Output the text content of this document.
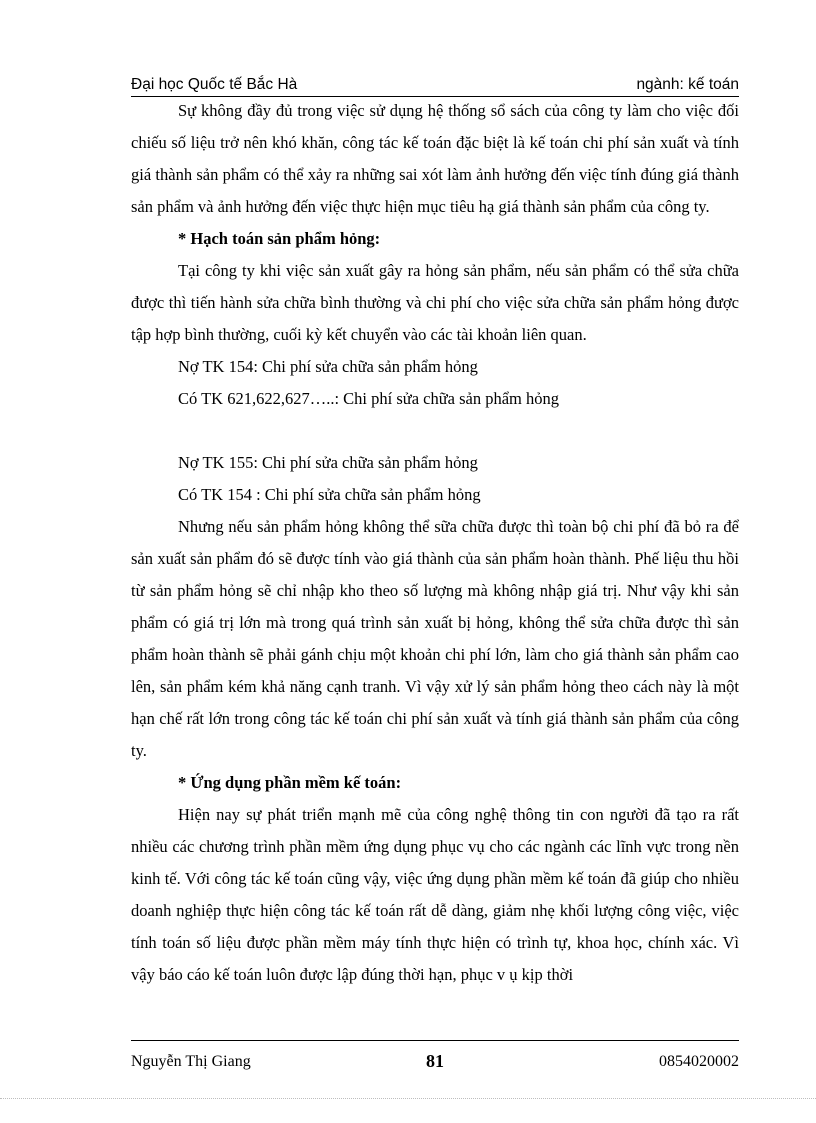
Đại học Quốc tế Bắc Hà	ngành: kế toán

Sự không đầy đủ trong việc sử dụng hệ thống sổ sách của công ty làm cho việc đối chiếu số liệu trở nên khó khăn, công tác kế toán đặc biệt là kế toán chi phí sản xuất và tính giá thành sản phẩm có thể xảy ra những sai xót làm ảnh hưởng đến việc tính đúng giá thành sản phẩm và ảnh hưởng đến việc thực hiện mục tiêu hạ giá thành sản phẩm của công ty.

* Hạch toán sản phẩm hỏng:

Tại công ty khi việc sản xuất gây ra hỏng sản phẩm, nếu sản phẩm có thể sửa chữa được thì tiến hành sửa chữa bình thường và chi phí cho việc sửa chữa sản phẩm hỏng được tập hợp bình thường, cuối kỳ kết chuyển vào các tài khoản liên quan.

Nợ TK 154: Chi phí sửa chữa sản phẩm hỏng

Có TK 621,622,627…..: Chi phí sửa chữa sản phẩm hỏng

Nợ TK 155: Chi phí sửa chữa sản phẩm hỏng

Có TK 154 : Chi phí sửa chữa sản phẩm hỏng

Nhưng nếu sản phẩm hỏng không thể sữa chữa được thì toàn bộ chi phí đã bỏ ra để sản xuất sản phẩm đó sẽ được tính vào giá thành của sản phẩm hoàn thành. Phế liệu thu hồi từ sản phẩm hỏng sẽ chỉ nhập kho theo số lượng mà không nhập giá trị. Như vậy khi sản phẩm có giá trị lớn mà trong quá trình sản xuất bị hỏng, không thể sửa chữa được thì sản phẩm hoàn thành sẽ phải gánh chịu một khoản chi phí lớn, làm cho giá thành sản phẩm cao lên, sản phẩm kém khả năng cạnh tranh. Vì vậy xử lý sản phẩm hỏng theo cách này là một hạn chế rất lớn trong công tác kế toán chi phí sản xuất và tính giá thành sản phẩm của công ty.

* Ứng dụng phần mềm kế toán:

Hiện nay sự phát triển mạnh mẽ của công nghệ thông tin con người đã tạo ra rất nhiều các chương trình phần mềm ứng dụng phục vụ cho các ngành các lĩnh vực trong nền kinh tế. Với công tác kế toán cũng vậy, việc ứng dụng phần mềm kế toán đã giúp cho nhiều doanh nghiệp thực hiện công tác kế toán rất dễ dàng, giảm nhẹ khối lượng công việc, việc tính toán số liệu được phần mềm máy tính thực hiện có trình tự, khoa học, chính xác. Vì vậy báo cáo kế toán luôn được lập đúng thời hạn, phục v ụ kịp thời

Nguyễn Thị Giang	81	0854020002
